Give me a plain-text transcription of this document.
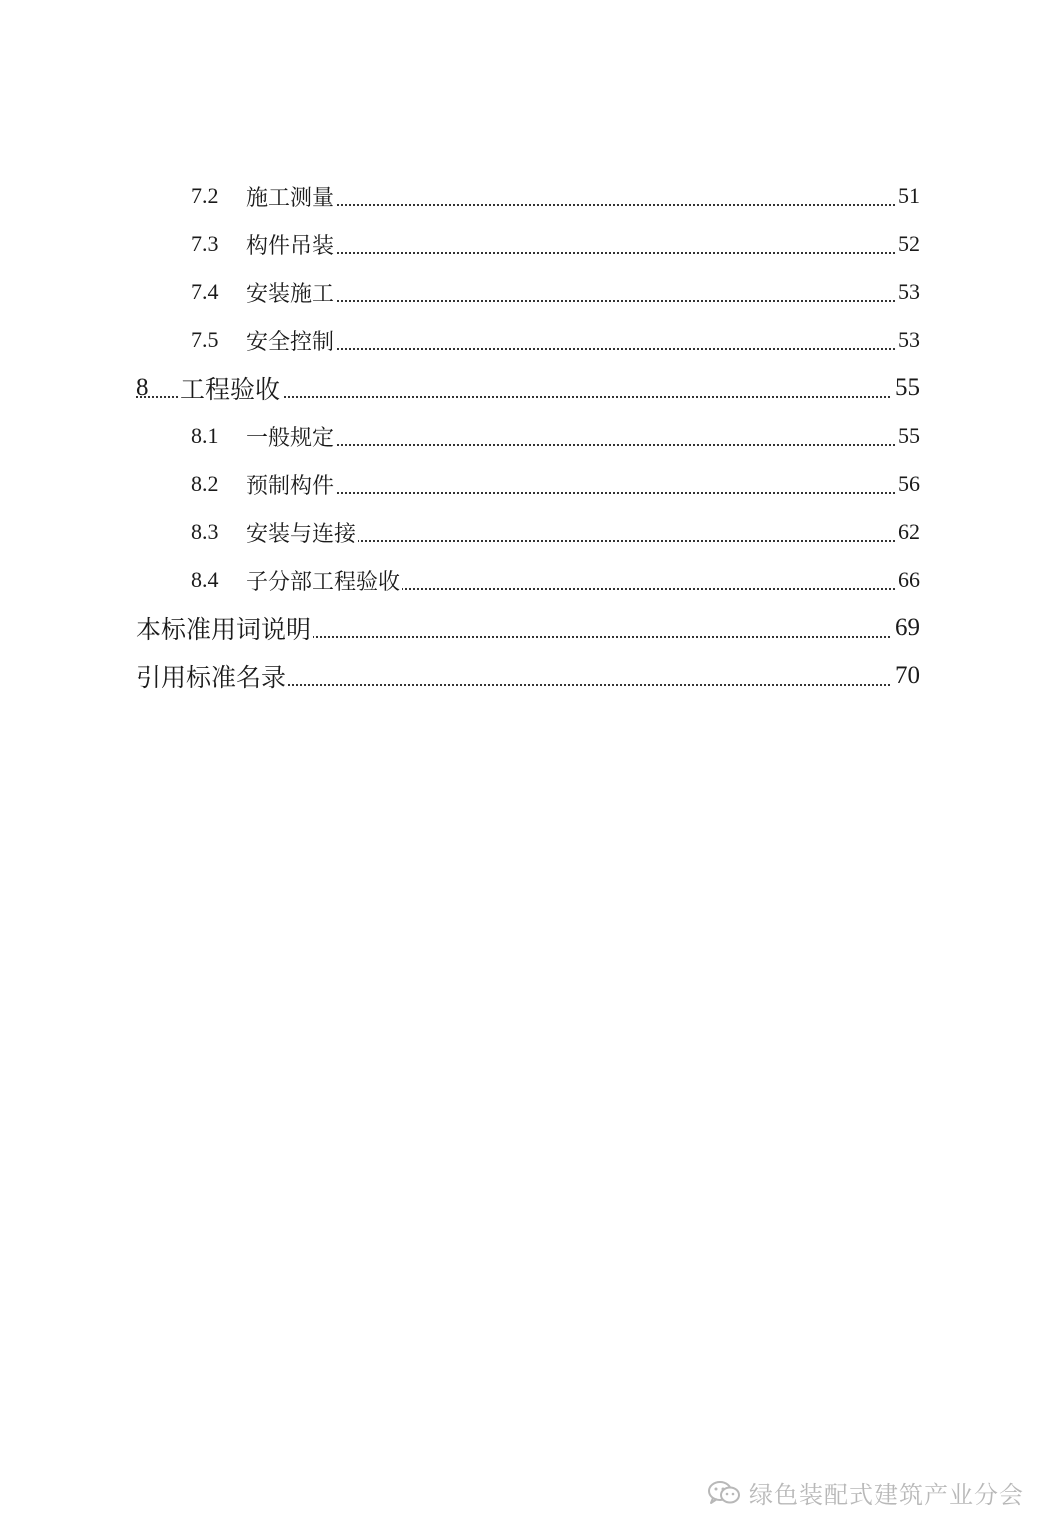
7.2 施工测量	51
7.3 构件吊装	52
7.4 安装施工	53
7.5 安全控制	53
8 工程验收	55
8.1 一般规定	55
8.2 预制构件	56
8.3 安装与连接	62
8.4 子分部工程验收	66
本标准用词说明	69
引用标准名录	70
绿色装配式建筑产业分会
